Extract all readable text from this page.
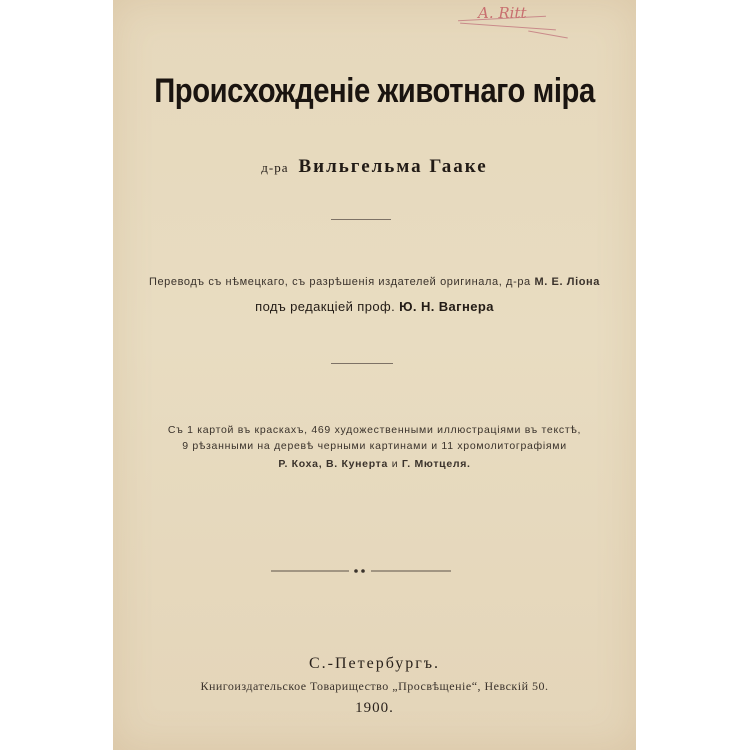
A. Ritt
Происхожденіе животнаго міра
д-ра Вильгельма Гааке
Переводъ съ нѣмецкаго, съ разрѣшенія издателей оригинала, д-ра М. Е. Ліона
подъ редакціей проф. Ю. Н. Вагнера
Съ 1 картой въ краскахъ, 469 художественными иллюстраціями въ текстѣ,
9 рѣзанными на деревѣ черными картинами и 11 хромолитографіями
Р. Коха, В. Кунерта и Г. Мютцеля.
С.-Петербургъ.
Книгоиздательское Товарищество „Просвѣщеніе“, Невскій 50.
1900.
